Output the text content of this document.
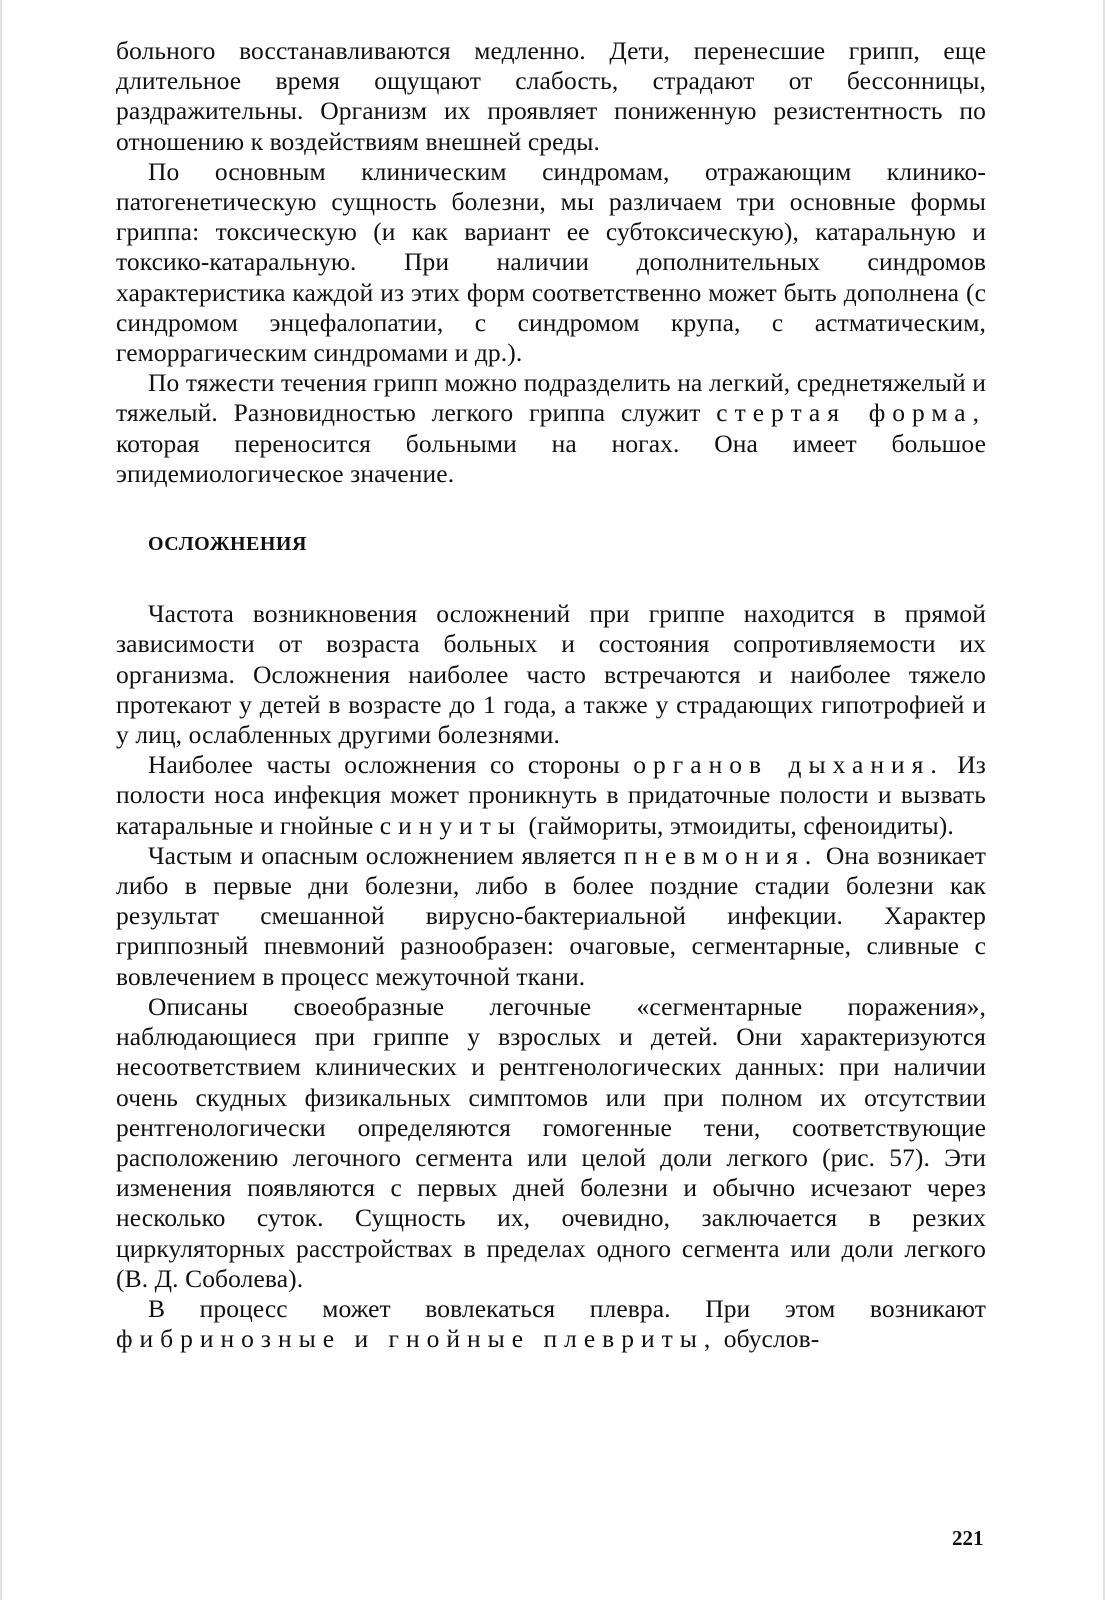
больного восстанавливаются медленно. Дети, перенесшие грипп, еще длительное время ощущают слабость, страдают от бессонницы, раздражительны. Организм их проявляет пониженную резистентность по отношению к воздействиям внешней среды.

По основным клиническим синдромам, отражающим клинико-патогенетическую сущность болезни, мы различаем три основные формы гриппа: токсическую (и как вариант ее субтоксическую), катаральную и токсико-катаральную. При наличии дополнительных синдромов характеристика каждой из этих форм соответственно может быть дополнена (с синдромом энцефалопатии, с синдромом крупа, с астматическим, геморрагическим синдромами и др.).

По тяжести течения грипп можно подразделить на легкий, среднетяжелый и тяжелый. Разновидностью легкого гриппа служит стертая форма, которая переносится больными на ногах. Она имеет большое эпидемиологическое значение.

ОСЛОЖНЕНИЯ

Частота возникновения осложнений при гриппе находится в прямой зависимости от возраста больных и состояния сопротивляемости их организма. Осложнения наиболее часто встречаются и наиболее тяжело протекают у детей в возрасте до 1 года, а также у страдающих гипотрофией и у лиц, ослабленных другими болезнями.

Наиболее часты осложнения со стороны органов дыхания. Из полости носа инфекция может проникнуть в придаточные полости и вызвать катаральные и гнойные синуиты (гаймориты, этмоидиты, сфеноидиты).

Частым и опасным осложнением является пневмония. Она возникает либо в первые дни болезни, либо в более поздние стадии болезни как результат смешанной вирусно-бактериальной инфекции. Характер гриппозный пневмоний разнообразен: очаговые, сегментарные, сливные с вовлечением в процесс межуточной ткани.

Описаны своеобразные легочные «сегментарные поражения», наблюдающиеся при гриппе у взрослых и детей. Они характеризуются несоответствием клинических и рентгенологических данных: при наличии очень скудных физикальных симптомов или при полном их отсутствии рентгенологически определяются гомогенные тени, соответствующие расположению легочного сегмента или целой доли легкого (рис. 57). Эти изменения появляются с первых дней болезни и обычно исчезают через несколько суток. Сущность их, очевидно, заключается в резких циркуляторных расстройствах в пределах одного сегмента или доли легкого (В. Д. Соболева).

В процесс может вовлекаться плевра. При этом возникают фибринозные и гнойные плевриты, обуслов-

221
